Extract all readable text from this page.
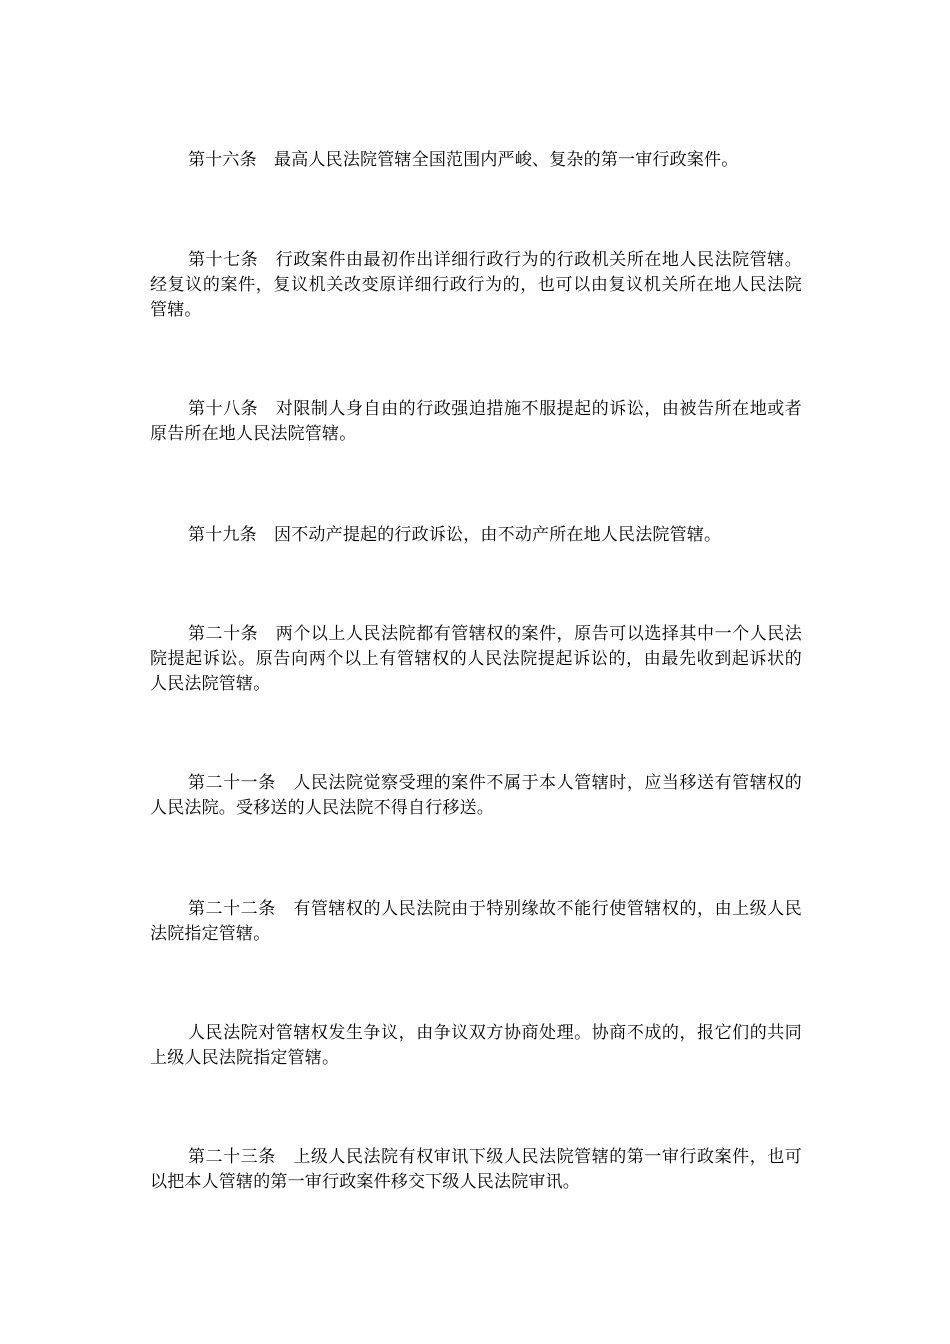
第十六条　 最高人民法院管辖全国范围内严峻、复杂的第一审行政案件。

第十七条　 行政案件由最初作出详细行政行为的行政机关所在地人民法院管辖。经复议的案件，复议机关改变原详细行政行为的，也可以由复议机关所在地人民法院管辖。

第十八条　 对限制人身自由的行政强迫措施不服提起的诉讼，由被告所在地或者原告所在地人民法院管辖。

第十九条　 因不动产提起的行政诉讼，由不动产所在地人民法院管辖。

第二十条　 两个以上人民法院都有管辖权的案件，原告可以选择其中一个人民法院提起诉讼。原告向两个以上有管辖权的人民法院提起诉讼的，由最先收到起诉状的人民法院管辖。

第二十一条　 人民法院觉察受理的案件不属于本人管辖时，应当移送有管辖权的人民法院。受移送的人民法院不得自行移送。

第二十二条　 有管辖权的人民法院由于特别缘故不能行使管辖权的，由上级人民法院指定管辖。

人民法院对管辖权发生争议，由争议双方协商处理。协商不成的，报它们的共同上级人民法院指定管辖。

第二十三条　 上级人民法院有权审讯下级人民法院管辖的第一审行政案件，也可以把本人管辖的第一审行政案件移交下级人民法院审讯。
